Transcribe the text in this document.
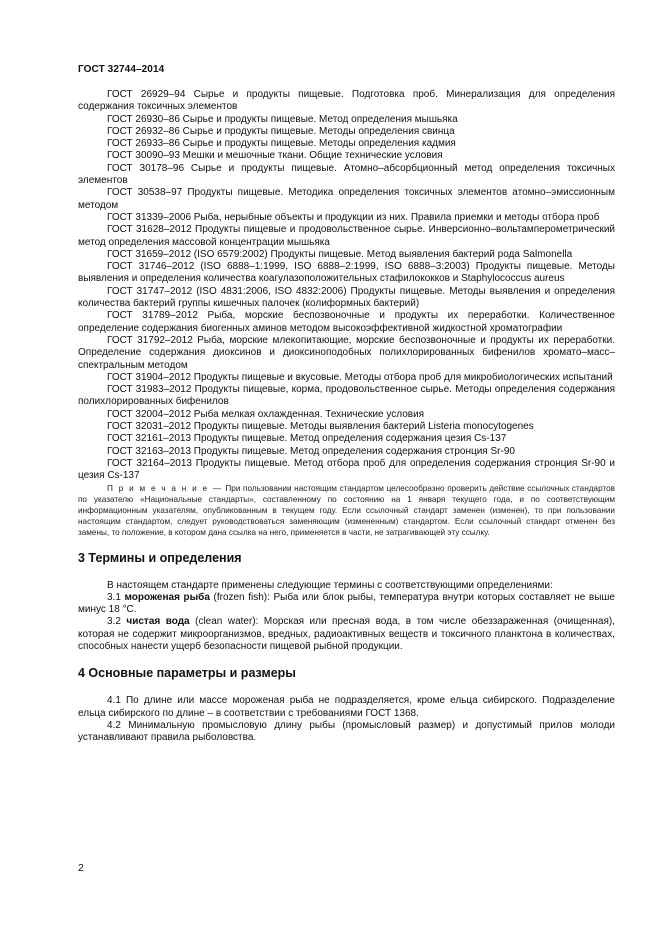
ГОСТ 32744–2014

ГОСТ 26929–94 Сырье и продукты пищевые. Подготовка проб. Минерализация для определения содержания токсичных элементов

ГОСТ 26930–86 Сырье и продукты пищевые. Метод определения мышьяка

ГОСТ 26932–86 Сырье и продукты пищевые. Методы определения свинца

ГОСТ 26933–86 Сырье и продукты пищевые. Методы определения кадмия

ГОСТ 30090–93 Мешки и мешочные ткани. Общие технические условия

ГОСТ 30178–96 Сырье и продукты пищевые. Атомно–абсорбционный метод определения токсичных элементов

ГОСТ 30538–97 Продукты пищевые. Методика определения токсичных элементов атомно–эмиссионным методом

ГОСТ 31339–2006 Рыба, нерыбные объекты и продукции из них. Правила приемки и методы отбора проб

ГОСТ 31628–2012 Продукты пищевые и продовольственное сырье. Инверсионно–вольтамперометрический метод определения массовой концентрации мышьяка

ГОСТ 31659–2012 (ISO 6579:2002) Продукты пищевые. Метод выявления бактерий рода Salmonella

ГОСТ 31746–2012 (ISO 6888–1:1999, ISO 6888–2:1999, ISO 6888–3:2003) Продукты пищевые. Методы выявления и определения количества коагулазоположительных стафилококков и Staphylococcus aureus

ГОСТ 31747–2012 (ISO 4831:2006, ISO 4832:2006) Продукты пищевые. Методы выявления и определения количества бактерий группы кишечных палочек (колиформных бактерий)

ГОСТ 31789–2012 Рыба, морские беспозвоночные и продукты их переработки. Количественное определение содержания биогенных аминов методом высокоэффективной жидкостной хроматографии

ГОСТ 31792–2012 Рыба, морские млекопитающие, морские беспозвоночные и продукты их переработки. Определение содержания диоксинов и диоксиноподобных полихлорированных бифенилов хромато–масс–спектральным методом

ГОСТ 31904–2012 Продукты пищевые и вкусовые. Методы отбора проб для микробиологических испытаний

ГОСТ 31983–2012 Продукты пищевые, корма, продовольственное сырье. Методы определения содержания полихлорированных бифенилов

ГОСТ 32004–2012 Рыба мелкая охлажденная. Технические условия

ГОСТ 32031–2012 Продукты пищевые. Методы выявления бактерий Listeria monocytogenes

ГОСТ 32161–2013 Продукты пищевые. Метод определения содержания цезия Cs-137

ГОСТ 32163–2013 Продукты пищевые. Метод определения содержания стронция Sr-90

ГОСТ 32164–2013 Продукты пищевые. Метод отбора проб для определения содержания стронция Sr-90 и цезия Cs-137

П р и м е ч а н и е — При пользовании настоящим стандартом целесообразно проверить действие ссылочных стандартов по указателю «Национальные стандарты», составленному по состоянию на 1 января текущего года, и по соответствующим информационным указателям, опубликованным в текущем году. Если ссылочный стандарт заменен (изменен), то при пользовании настоящим стандартом, следует руководствоваться заменяющим (измененным) стандартом. Если ссылочный стандарт отменен без замены, то положение, в котором дана ссылка на него, применяется в части, не затрагивающей эту ссылку.

3 Термины и определения

В настоящем стандарте применены следующие термины с соответствующими определениями:

3.1 мороженая рыба (frozen fish): Рыба или блок рыбы, температура внутри которых составляет не выше минус 18 °С.

3.2 чистая вода (clean water): Морская или пресная вода, в том числе обеззараженная (очищенная), которая не содержит микроорганизмов, вредных, радиоактивных веществ и токсичного планктона в количествах, способных нанести ущерб безопасности пищевой рыбной продукции.

4 Основные параметры и размеры

4.1 По длине или массе мороженая рыба не подразделяется, кроме ельца сибирского. Подразделение ельца сибирского по длине – в соответствии с требованиями ГОСТ 1368.

4.2 Минимальную промысловую длину рыбы (промысловый размер) и допустимый прилов молоди устанавливают правила рыболовства.

2
